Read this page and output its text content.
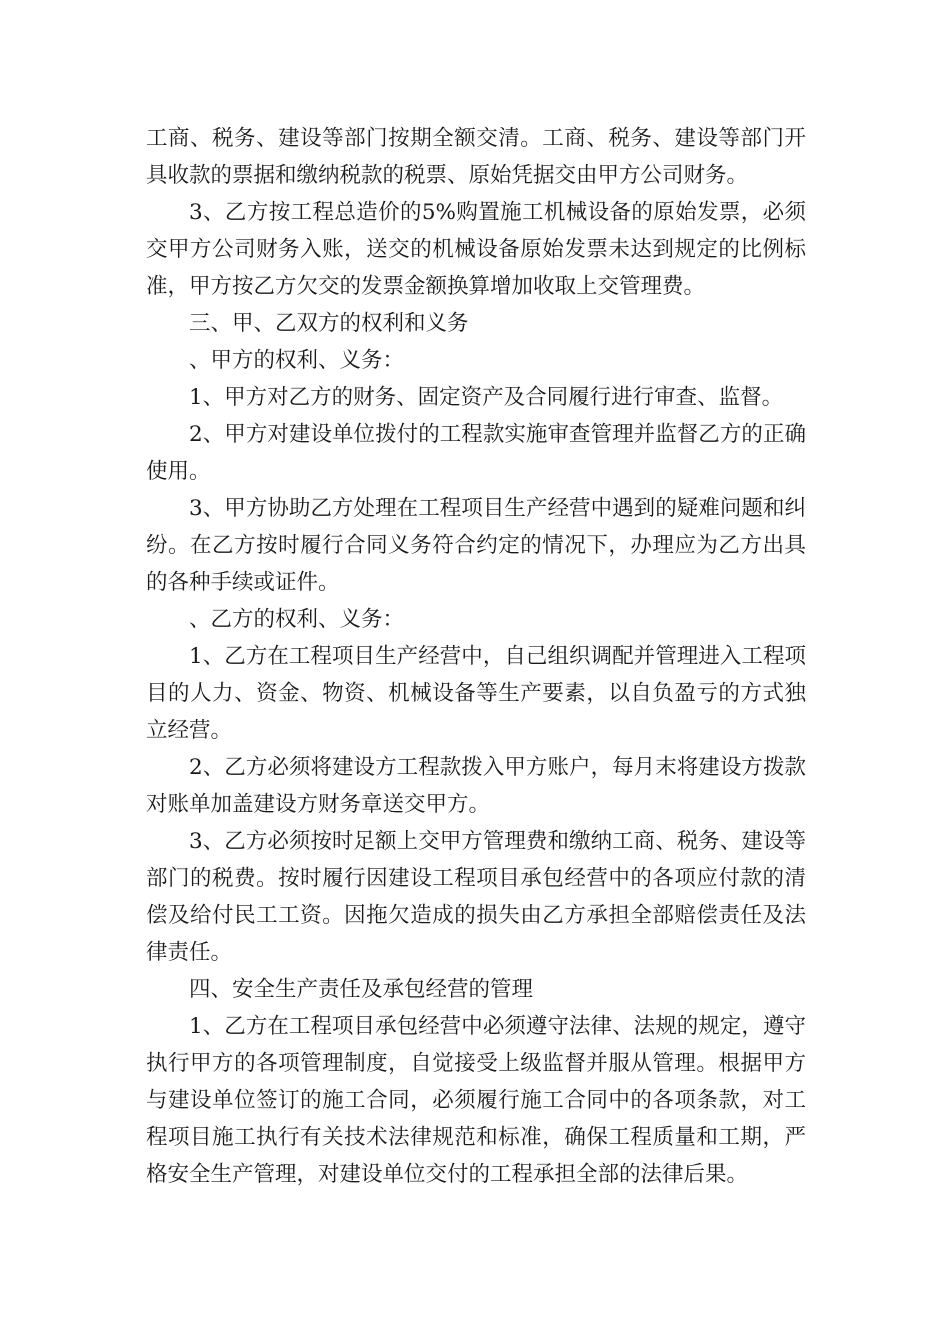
工商、税务、建设等部门按期全额交清。工商、税务、建设等部门开具收款的票据和缴纳税款的税票、原始凭据交由甲方公司财务。

3、乙方按工程总造价的5%购置施工机械设备的原始发票，必须交甲方公司财务入账，送交的机械设备原始发票未达到规定的比例标准，甲方按乙方欠交的发票金额换算增加收取上交管理费。

三、甲、乙双方的权利和义务

、甲方的权利、义务：

1、甲方对乙方的财务、固定资产及合同履行进行审查、监督。

2、甲方对建设单位拨付的工程款实施审查管理并监督乙方的正确使用。

3、甲方协助乙方处理在工程项目生产经营中遇到的疑难问题和纠纷。在乙方按时履行合同义务符合约定的情况下，办理应为乙方出具的各种手续或证件。

、乙方的权利、义务：

1、乙方在工程项目生产经营中，自己组织调配并管理进入工程项目的人力、资金、物资、机械设备等生产要素，以自负盈亏的方式独立经营。

2、乙方必须将建设方工程款拨入甲方账户，每月末将建设方拨款对账单加盖建设方财务章送交甲方。

3、乙方必须按时足额上交甲方管理费和缴纳工商、税务、建设等部门的税费。按时履行因建设工程项目承包经营中的各项应付款的清偿及给付民工工资。因拖欠造成的损失由乙方承担全部赔偿责任及法律责任。

四、安全生产责任及承包经营的管理

1、乙方在工程项目承包经营中必须遵守法律、法规的规定，遵守执行甲方的各项管理制度，自觉接受上级监督并服从管理。根据甲方与建设单位签订的施工合同，必须履行施工合同中的各项条款，对工程项目施工执行有关技术法律规范和标准，确保工程质量和工期，严格安全生产管理，对建设单位交付的工程承担全部的法律后果。
